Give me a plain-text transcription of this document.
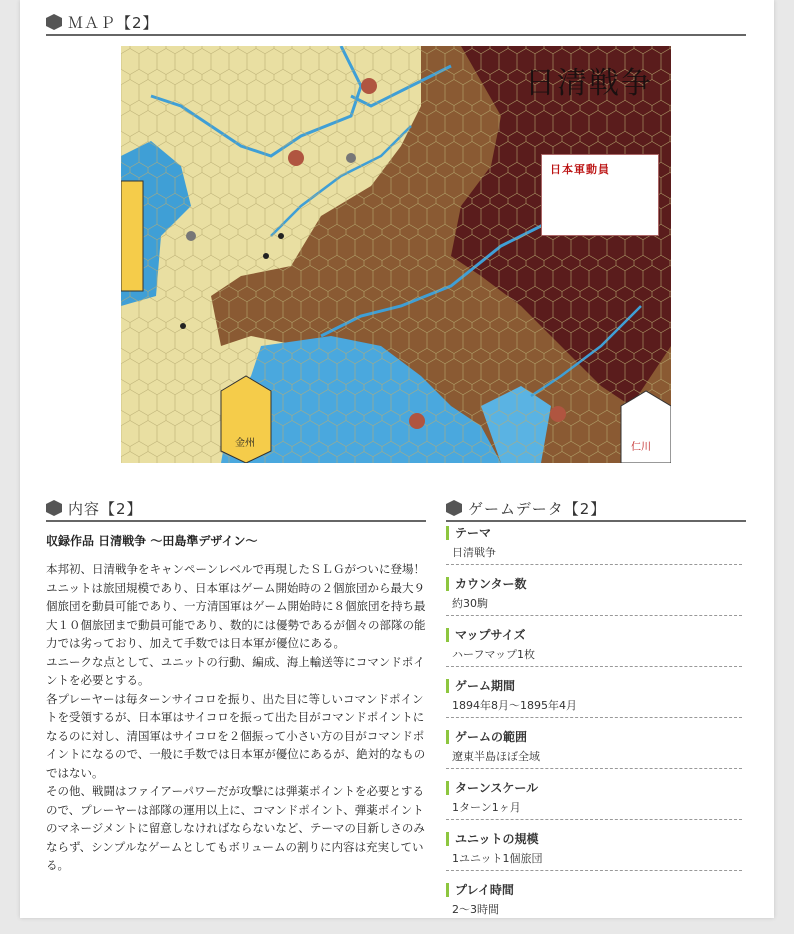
ＭＡＰ【2】
日清戦争
日本軍動員
金州	仁川
内容【2】
収録作品 日清戦争 ～田島準デザイン～
本邦初、日清戦争をキャンペーンレベルで再現したＳＬＧがついに登場！
ユニットは旅団規模であり、日本軍はゲーム開始時の２個旅団から最大９個旅団を動員可能であり、一方清国軍はゲーム開始時に８個旅団を持ち最大１０個旅団まで動員可能であり、数的には優勢であるが個々の部隊の能力では劣っており、加えて手数では日本軍が優位にある。
ユニークな点として、ユニットの行動、編成、海上輸送等にコマンドポイントを必要とする。
各プレーヤーは毎ターンサイコロを振り、出た目に等しいコマンドポイントを受領するが、日本軍はサイコロを振って出た目がコマンドポイントになるのに対し、清国軍はサイコロを２個振って小さい方の目がコマンドポイントになるので、一般に手数では日本軍が優位にあるが、絶対的なものではない。
その他、戦闘はファイアーパワーだが攻撃には弾薬ポイントを必要とするので、プレーヤーは部隊の運用以上に、コマンドポイント、弾薬ポイントのマネージメントに留意しなければならないなど、テーマの目新しさのみならず、シンプルなゲームとしてもボリュームの割りに内容は充実している。
ゲームデータ【2】
テーマ
日清戦争
カウンター数
約30駒
マップサイズ
ハーフマップ1枚
ゲーム期間
1894年8月～1895年4月
ゲームの範囲
遼東半島ほぼ全域
ターンスケール
1ターン1ヶ月
ユニットの規模
1ユニット1個旅団
プレイ時間
2～3時間
